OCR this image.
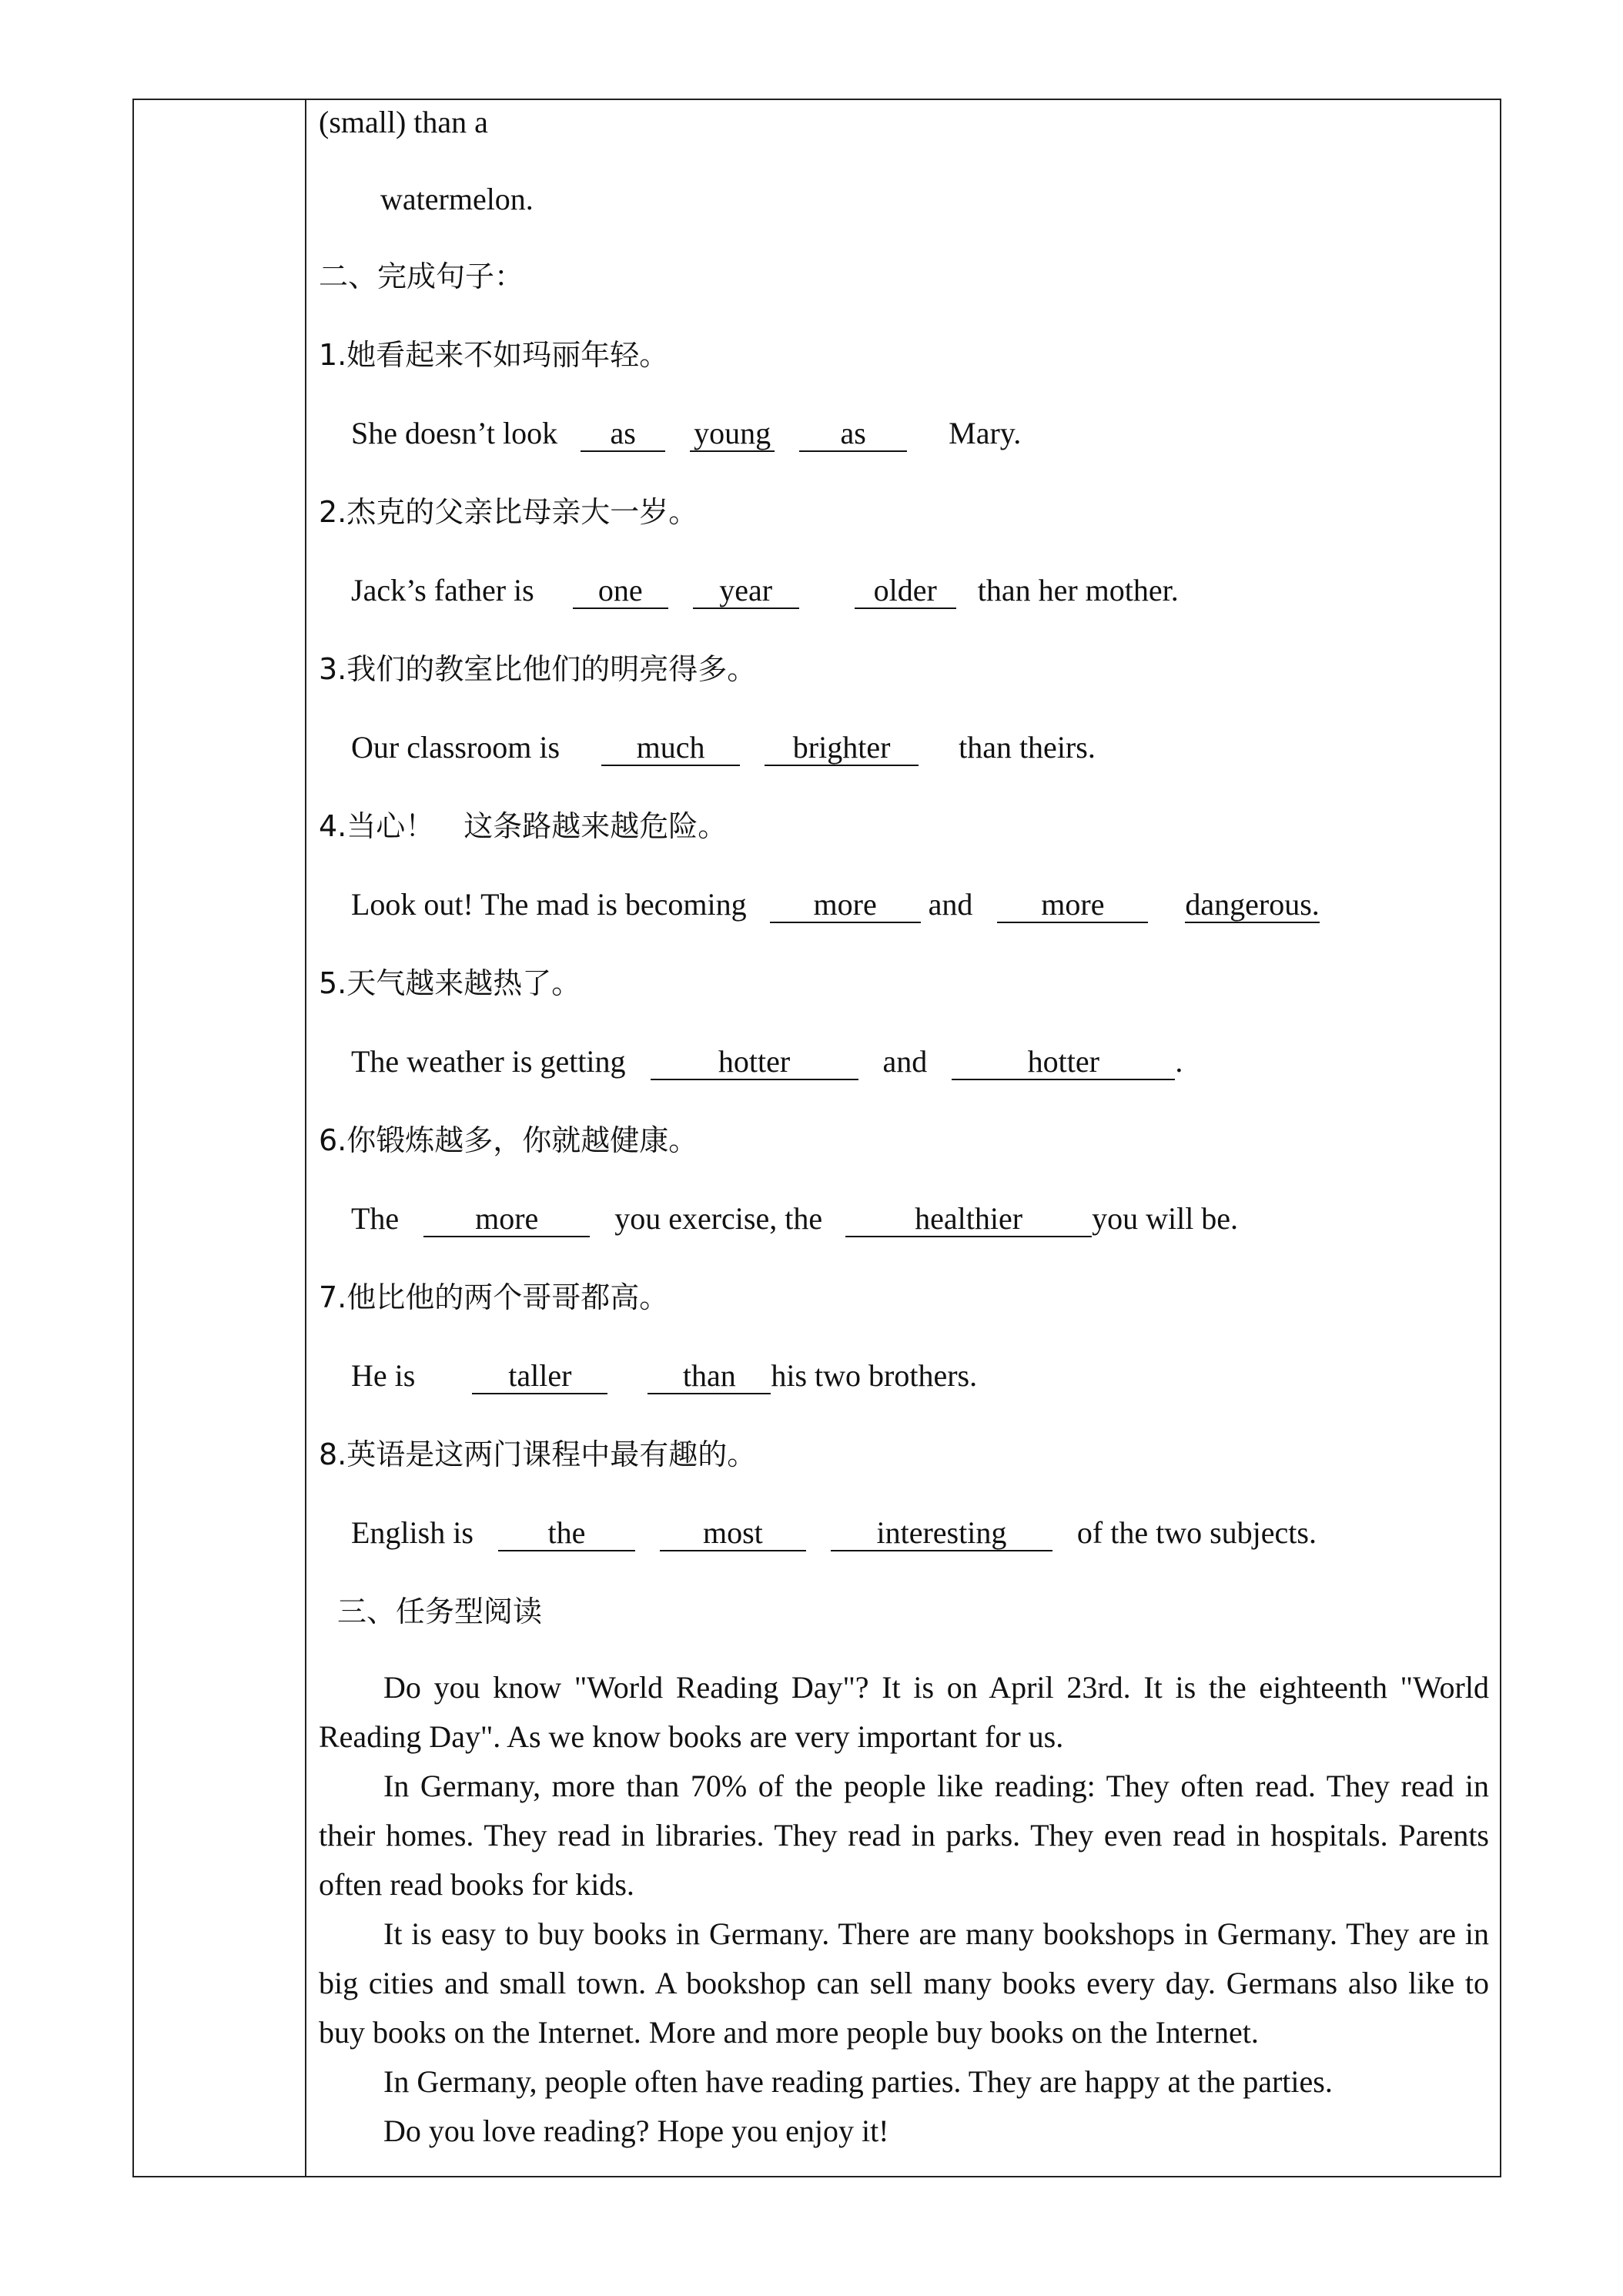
(small) than a
watermelon.
二、完成句子：
1.她看起来不如玛丽年轻。
She doesn’t look as young as	Mary.
2.杰克的父亲比母亲大一岁。
Jack’s father is one year	older than her mother.
3.我们的教室比他们的明亮得多。
Our classroom is much	brighter than theirs.
4.当心！　这条路越来越危险。
Look out! The mad is becoming more and more	dangerous.
5.天气越来越热了。
The weather is getting	hotter	and	hotter .
6.你锻炼越多，你就越健康。
The more you exercise, the	healthier you will be.
7.他比他的两个哥哥都高。
He is	taller	than his two brothers.
8.英语是这两门课程中最有趣的。
English is the	most	interesting of the two subjects.
三、任务型阅读

Do you know "World Reading Day"? It is on April 23rd. It is the eighteenth "World Reading Day". As we know books are very important for us.

In Germany, more than 70% of the people like reading: They often read. They read in their homes. They read in libraries. They read in parks. They even read in hospitals. Parents often read books for kids.

It is easy to buy books in Germany. There are many bookshops in Germany. They are in big cities and small town. A bookshop can sell many books every day. Germans also like to buy books on the Internet. More and more people buy books on the Internet.

In Germany, people often have reading parties. They are happy at the parties.

Do you love reading? Hope you enjoy it!
